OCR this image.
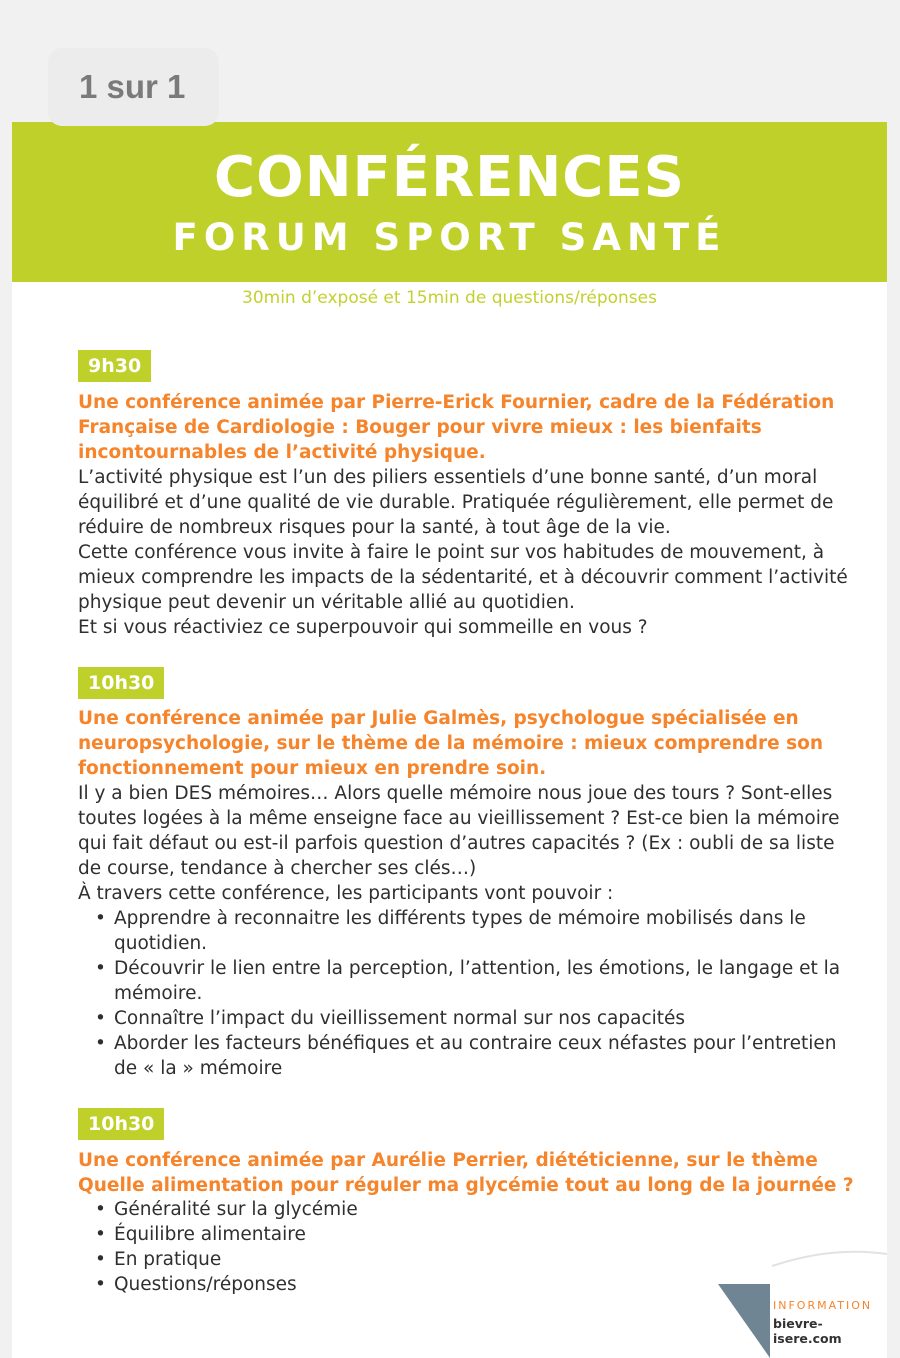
1 sur 1
CONFÉRENCES
FORUM SPORT SANTÉ
30min d’exposé et 15min de questions/réponses
9h30
Une conférence animée par Pierre-Erick Fournier, cadre de la Fédération Française de Cardiologie : Bouger pour vivre mieux : les bienfaits incontournables de l’activité physique.

L’activité physique est l’un des piliers essentiels d’une bonne santé, d’un moral équilibré et d’une qualité de vie durable. Pratiquée régulièrement, elle permet de réduire de nombreux risques pour la santé, à tout âge de la vie.

Cette conférence vous invite à faire le point sur vos habitudes de mouvement, à mieux comprendre les impacts de la sédentarité, et à découvrir comment l’activité physique peut devenir un véritable allié au quotidien.

Et si vous réactiviez ce superpouvoir qui sommeille en vous ?

10h30
Une conférence animée par Julie Galmès, psychologue spécialisée en neuropsychologie, sur le thème de la mémoire : mieux comprendre son fonctionnement pour mieux en prendre soin.

Il y a bien DES mémoires… Alors quelle mémoire nous joue des tours ? Sont-elles toutes logées à la même enseigne face au vieillissement ? Est-ce bien la mémoire qui fait défaut ou est-il parfois question d’autres capacités ? (Ex : oubli de sa liste de course, tendance à chercher ses clés…)

À travers cette conférence, les participants vont pouvoir :

• Apprendre à reconnaitre les différents types de mémoire mobilisés dans le quotidien.
• Découvrir le lien entre la perception, l’attention, les émotions, le langage et la mémoire.
• Connaître l’impact du vieillissement normal sur nos capacités
• Aborder les facteurs bénéfiques et au contraire ceux néfastes pour l’entretien de « la » mémoire
10h30
Une conférence animée par Aurélie Perrier, diététicienne, sur le thème Quelle alimentation pour réguler ma glycémie tout au long de la journée ?
• Généralité sur la glycémie
• Équilibre alimentaire
• En pratique
• Questions/réponses
INFORMATION
bievre-isere.com
